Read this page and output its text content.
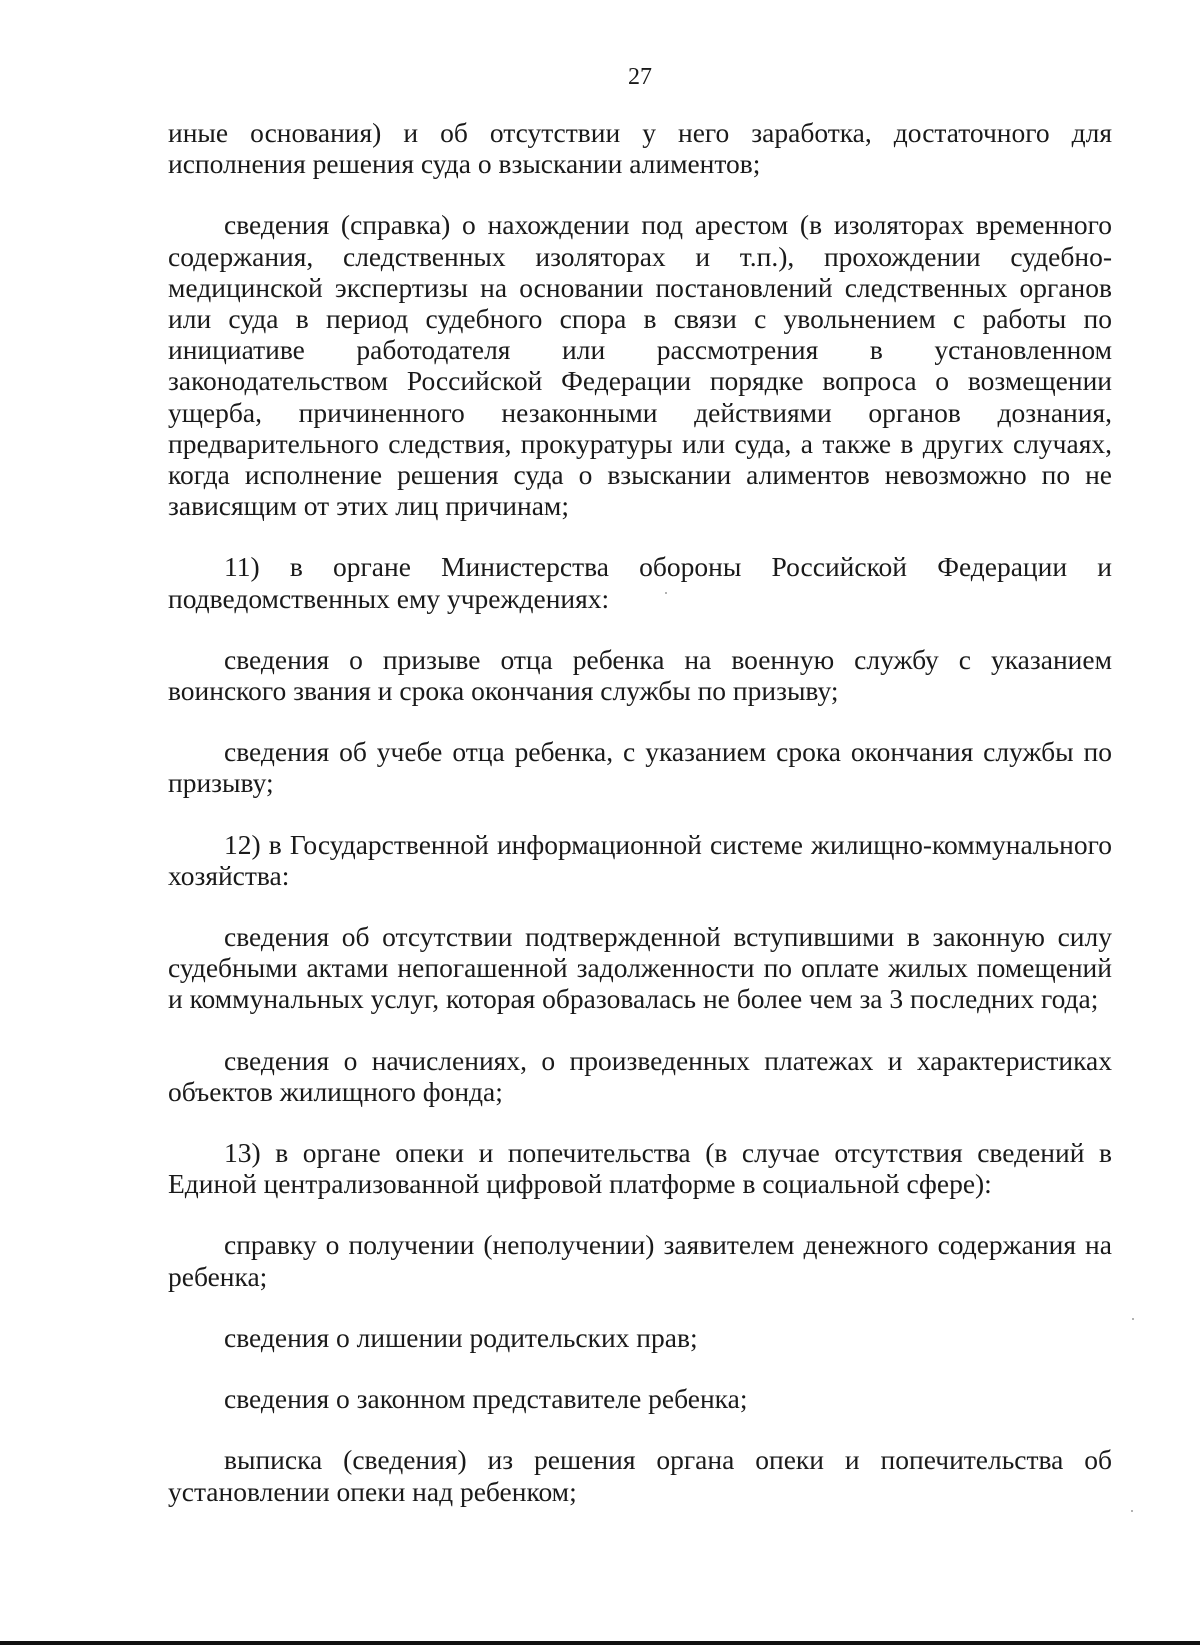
27

иные основания) и об отсутствии у него заработка, достаточного для исполнения решения суда о взыскании алиментов;

сведения (справка) о нахождении под арестом (в изоляторах временного содержания, следственных изоляторах и т.п.), прохождении судебно-медицинской экспертизы на основании постановлений следственных органов или суда в период судебного спора в связи с увольнением с работы по инициативе работодателя или рассмотрения в установленном законодательством Российской Федерации порядке вопроса о возмещении ущерба, причиненного незаконными действиями органов дознания, предварительного следствия, прокуратуры или суда, а также в других случаях, когда исполнение решения суда о взыскании алиментов невозможно по не зависящим от этих лиц причинам;

11) в органе Министерства обороны Российской Федерации и подведомственных ему учреждениях:

сведения о призыве отца ребенка на военную службу с указанием воинского звания и срока окончания службы по призыву;

сведения об учебе отца ребенка, с указанием срока окончания службы по призыву;

12) в Государственной информационной системе жилищно-коммунального хозяйства:

сведения об отсутствии подтвержденной вступившими в законную силу судебными актами непогашенной задолженности по оплате жилых помещений и коммунальных услуг, которая образовалась не более чем за 3 последних года;

сведения о начислениях, о произведенных платежах и характеристиках объектов жилищного фонда;

13) в органе опеки и попечительства (в случае отсутствия сведений в Единой централизованной цифровой платформе в социальной сфере):

справку о получении (неполучении) заявителем денежного содержания на ребенка;

сведения о лишении родительских прав;

сведения о законном представителе ребенка;

выписка (сведения) из решения органа опеки и попечительства об установлении опеки над ребенком;
